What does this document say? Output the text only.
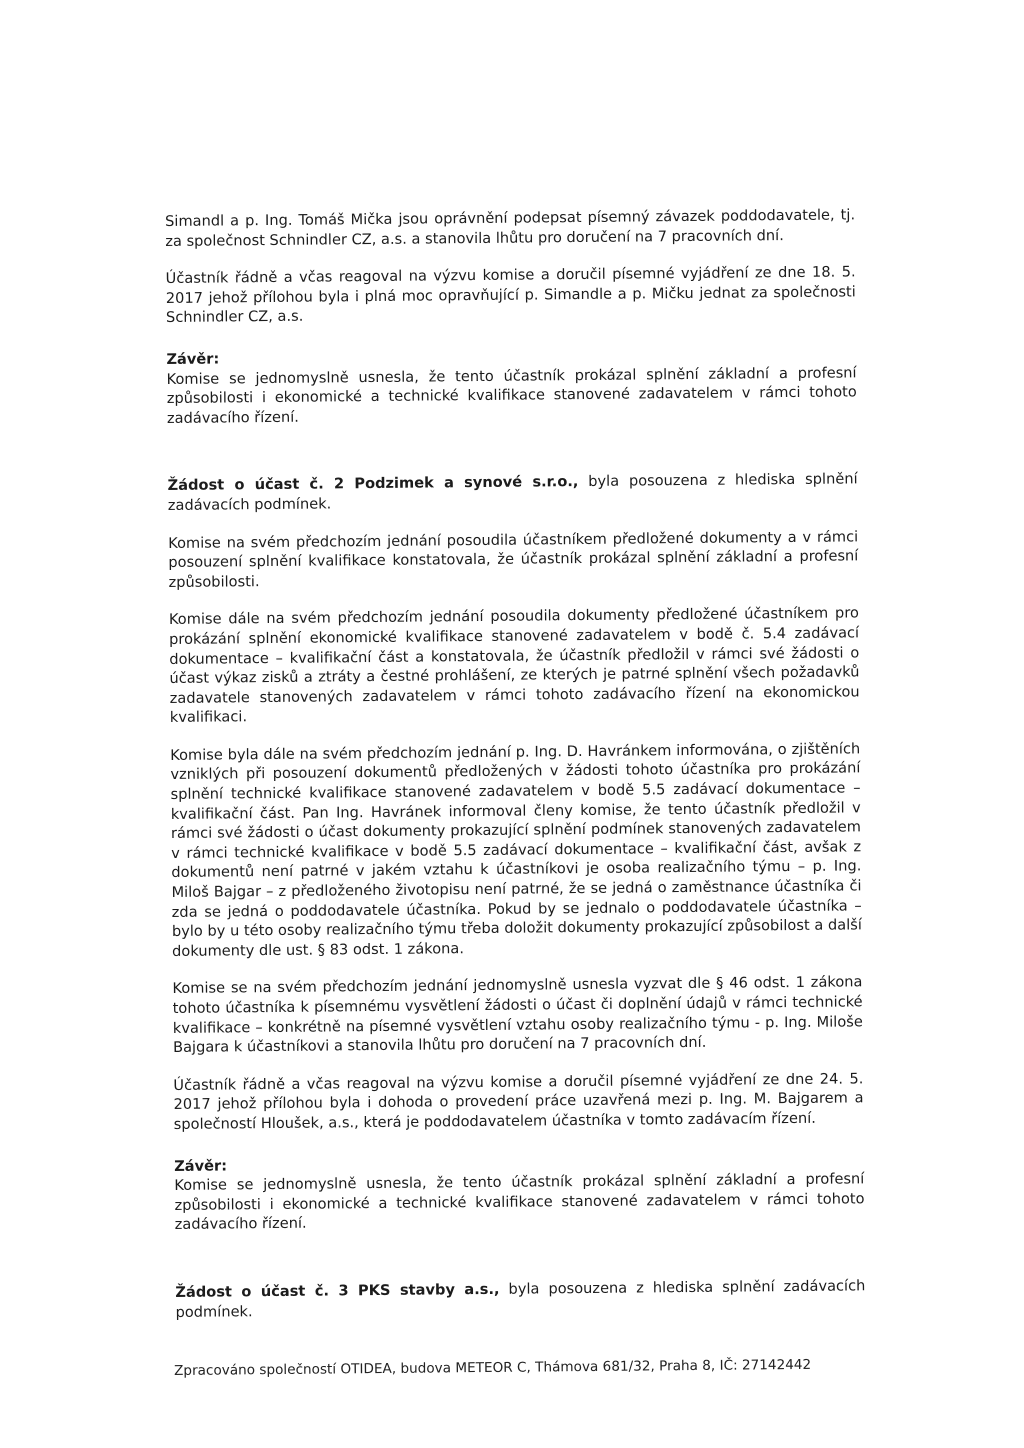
Simandl a p. Ing. Tomáš Mička jsou oprávnění podepsat písemný závazek poddodavatele, tj. za společnost Schnindler CZ, a.s. a stanovila lhůtu pro doručení na 7 pracovních dní.

Účastník řádně a včas reagoval na výzvu komise a doručil písemné vyjádření ze dne 18. 5. 2017 jehož přílohou byla i plná moc opravňující p. Simandle a p. Mičku jednat za společnosti Schnindler CZ, a.s.

Závěr:

Komise se jednomyslně usnesla, že tento účastník prokázal splnění základní a profesní způsobilosti i ekonomické a technické kvalifikace stanovené zadavatelem v rámci tohoto zadávacího řízení.

Žádost o účast č. 2 Podzimek a synové s.r.o., byla posouzena z hlediska splnění zadávacích podmínek.

Komise na svém předchozím jednání posoudila účastníkem předložené dokumenty a v rámci posouzení splnění kvalifikace konstatovala, že účastník prokázal splnění základní a profesní způsobilosti.

Komise dále na svém předchozím jednání posoudila dokumenty předložené účastníkem pro prokázání splnění ekonomické kvalifikace stanovené zadavatelem v bodě č. 5.4 zadávací dokumentace – kvalifikační část a konstatovala, že účastník předložil v rámci své žádosti o účast výkaz zisků a ztráty a čestné prohlášení, ze kterých je patrné splnění všech požadavků zadavatele stanovených zadavatelem v rámci tohoto zadávacího řízení na ekonomickou kvalifikaci.

Komise byla dále na svém předchozím jednání p. Ing. D. Havránkem informována, o zjištěních vzniklých při posouzení dokumentů předložených v žádosti tohoto účastníka pro prokázání splnění technické kvalifikace stanovené zadavatelem v bodě 5.5 zadávací dokumentace – kvalifikační část. Pan Ing. Havránek informoval členy komise, že tento účastník předložil v rámci své žádosti o účast dokumenty prokazující splnění podmínek stanovených zadavatelem v rámci technické kvalifikace v bodě 5.5 zadávací dokumentace – kvalifikační část, avšak z dokumentů není patrné v jakém vztahu k účastníkovi je osoba realizačního týmu – p. Ing. Miloš Bajgar – z předloženého životopisu není patrné, že se jedná o zaměstnance účastníka či zda se jedná o poddodavatele účastníka. Pokud by se jednalo o poddodavatele účastníka – bylo by u této osoby realizačního týmu třeba doložit dokumenty prokazující způsobilost a další dokumenty dle ust. § 83 odst. 1 zákona.

Komise se na svém předchozím jednání jednomyslně usnesla vyzvat dle § 46 odst. 1 zákona tohoto účastníka k písemnému vysvětlení žádosti o účast či doplnění údajů v rámci technické kvalifikace – konkrétně na písemné vysvětlení vztahu osoby realizačního týmu - p. Ing. Miloše Bajgara k účastníkovi a stanovila lhůtu pro doručení na 7 pracovních dní.

Účastník řádně a včas reagoval na výzvu komise a doručil písemné vyjádření ze dne 24. 5. 2017 jehož přílohou byla i dohoda o provedení práce uzavřená mezi p. Ing. M. Bajgarem a společností Hloušek, a.s., která je poddodavatelem účastníka v tomto zadávacím řízení.

Závěr:

Komise se jednomyslně usnesla, že tento účastník prokázal splnění základní a profesní způsobilosti i ekonomické a technické kvalifikace stanovené zadavatelem v rámci tohoto zadávacího řízení.

Žádost o účast č. 3 PKS stavby a.s., byla posouzena z hlediska splnění zadávacích podmínek.

Zpracováno společností OTIDEA, budova METEOR C, Thámova 681/32, Praha 8, IČ: 27142442
